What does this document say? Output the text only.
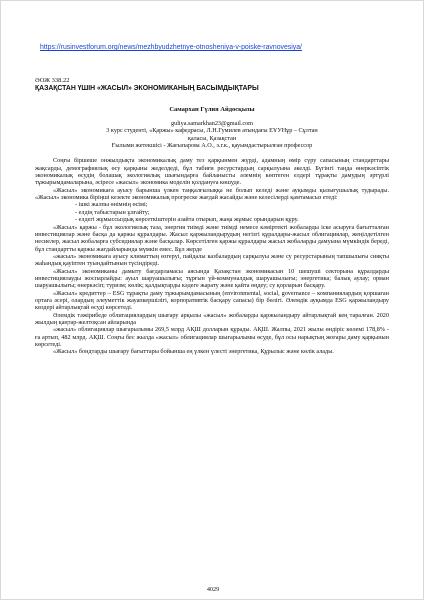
https://rusinvestforum.org/news/mezhbyudzhetnye-otnosheniya-v-poiske-ravnovesiya/

ӘОЖ 338.22

ҚАЗАҚСТАН ҮШІН «ЖАСЫЛ» ЭКОНОМИКАНЫҢ БАСЫМДЫҚТАРЫ

Самархан Гүлия Айдосқызы

guliya.samarkhan23@gmail.com

3 курс студенті, «Қаржы» кафедрасы, Л.Н.Гумилев атындағы ЕҰУНұр – Сұлтан

қаласы, Қазақстан

Ғылыми жетекшісі - Жағыпарова А.О., э.г.к., қауымдастырылған профессор

Соңғы біршеше онжылдықта экономикалық даму тез қарқынмен жүрді, адамның өмір сүру сапасының стандарттары жақсарды, демографиялық өсу қарқыны жеделдеді, бұл табиғи ресурстардың сарқылуына әкелді. Бүгінгі таңда өнеркәсіптік экономикалық өсудің болашақ экологиялық шығындарға байланысты әлемнің көптеген елдері тұрақты дамудың әртүрлі тұжырымдамаларына, әсіресе «жасыл» экономика моделін қолдануға көшуде.

«Жасыл» экономикаға ауысу барынша үлкен таңқалғылыққа не болып келеді және ауқымды қызығушылық тудырады. «Жасыл» экономика біріңші кезекте экономикалық прогреске жағдай жасайды және келесілерді қамтамасыз етеді:

- ішкі жалпы өнімнің өсімі;
- елдің табыстарын ұлғайту;
- елдегі жұмыссыздық көрсеткіштерін азайта отырып, жаңа жұмыс орындарын құру.

«Жасыл» қаржы - бұл экологиялық таза, энергия тиімді және тиімді немесе кәміртекті жобаларды іске асыруға бағытталған инвестициялар және басқа да қаржы құралдары. Жасыл қаржыландырудың негізгі құралдары-жасыл облигациялар, жеңілдетілген несиелер, жасыл жобаларға субсидиялар және басқалар. Көрсетілген қаржы құралдары жасыл жобаларды дамуына мүмкіндік береді, бұл стандартты қаржы жағдайларында мүмкін емес. Бұл жерде

«жасыл» экономикаға ауысу климаттың өзгеруі, пайдалы казбалардың сарқылуы және су ресурстарының тапшылығы сияқты жаһандық қауіптен туындайтынын түсіндіреді.

«Жасыл» экономиканы дамыту бағдарламасы аясында Қазақстан экономикасын 10 шешуші секторына құралдарды инвестициялауды жоспарлайды: ауыл шаруашылығы; тұрғын үй-коммуналдық шаруашылығы; энергетика; балық аулау; орман шаруашылығы; өнеркәсіп; туризм; көлік; қалдықтарды кәдеге жарату және қайта өңдеу; су қорларын басқару.

«Жасыл» кредиттер – ESG тұрақты даму тұжырымдамасының (environmental, social, governance – компаниялардың қоршаған ортаға әсері, олардың әлеуметтік жауапкершілігі, корпоративтік басқару сапасы) бір бөлігі. Әлемдік ауқымда ESG қаржыландыру көздері айтарлықтай өсуді көрсетеді.

Әлемдік тәжірибеде облигациялардың шығару арқылы «жасыл» жобаларды қаржыландыру айтарлықтай кең таралған. 2020 жылдың қаңтар-желтоқсан айларында

«жасыл» облигациялар шығарылымы 269,5 млрд АҚШ долларын құрады. АҚШ. Жалпы, 2021 жылы өндіріс көлемі 178,8% - ға артып, 482 млрд. АҚШ. Соңғы бес жылда «жасыл» облигациялар шығарылымы өсуде, бұл осы нарықтың жоғары даму қарқынын көрсетеді.

«Жасыл» бондтарды шығару бағыттары бойынша ең үлкен үлесті энергетика, Құрылыс және көлік алады.

4029
